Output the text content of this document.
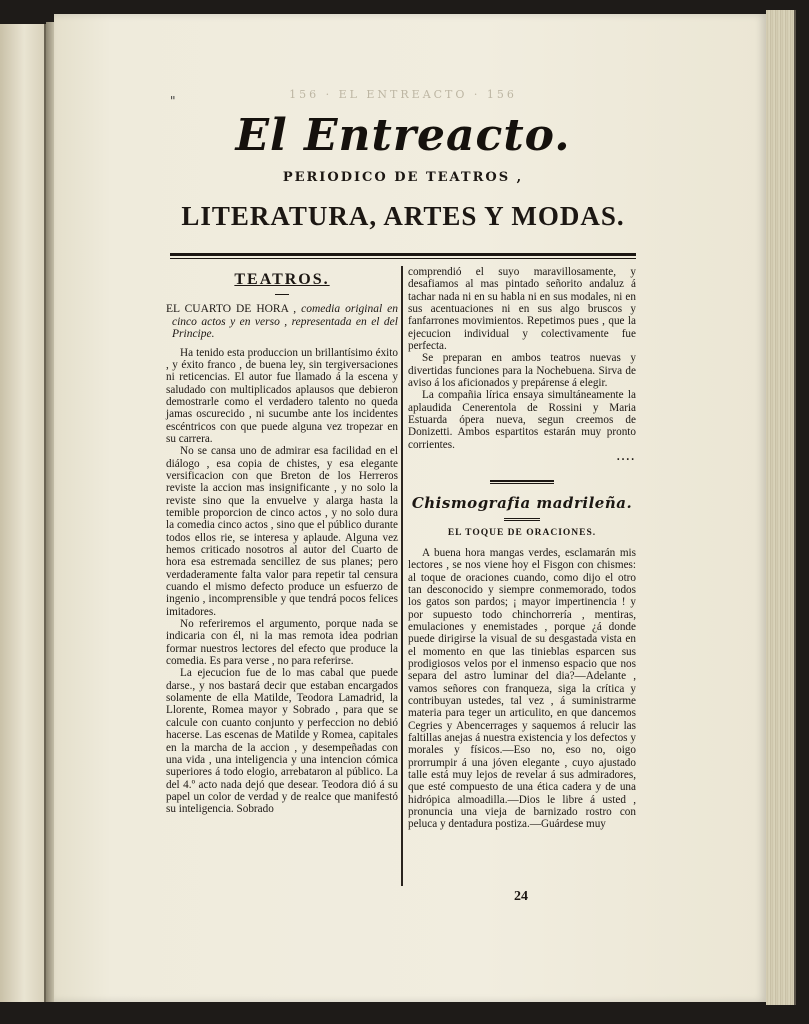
156 · EL ENTREACTO · 156
"
El Entreacto.
PERIODICO DE TEATROS ,
LITERATURA, ARTES Y MODAS.
TEATROS.
EL CUARTO DE HORA , comedia original en cinco actos y en verso , representada en el del Principe.

Ha tenido esta produccion un brillantísimo éxito , y éxito franco , de buena ley, sin tergiversaciones ni reticencias. El autor fue llamado á la escena y saludado con multiplicados aplausos que debieron demostrarle como el verdadero talento no queda jamas oscurecido , ni sucumbe ante los incidentes escéntricos con que puede alguna vez tropezar en su carrera.

No se cansa uno de admirar esa facilidad en el diálogo , esa copia de chistes, y esa elegante versificacion con que Breton de los Herreros reviste la accion mas insignificante , y no solo la reviste sino que la envuelve y alarga hasta la temible proporcion de cinco actos , y no solo dura la comedia cinco actos , sino que el público durante todos ellos rie, se interesa y aplaude. Alguna vez hemos criticado nosotros al autor del Cuarto de hora esa estremada sencillez de sus planes; pero verdaderamente falta valor para repetir tal censura cuando el mismo defecto produce un esfuerzo de ingenio , incomprensible y que tendrá pocos felices imitadores.

No referiremos el argumento, porque nada se indicaria con él, ni la mas remota idea podrian formar nuestros lectores del efecto que produce la comedia. Es para verse , no para referirse.

La ejecucion fue de lo mas cabal que puede darse., y nos bastará decir que estaban encargados solamente de ella Matilde, Teodora Lamadrid, la Llorente, Romea mayor y Sobrado , para que se calcule con cuanto conjunto y perfeccion no debió hacerse. Las escenas de Matilde y Romea, capitales en la marcha de la accion , y desempeñadas con una vida , una inteligencia y una intencion cómica superiores á todo elogio, arrebataron al público. La del 4.º acto nada dejó que desear. Teodora dió á su papel un color de verdad y de realce que manifestó su inteligencia. Sobrado

comprendió el suyo maravillosamente, y desafiamos al mas pintado señorito andaluz á tachar nada ni en su habla ni en sus modales, ni en sus acentuaciones ni en sus algo bruscos y fanfarrones movimientos. Repetimos pues , que la ejecucion individual y colectivamente fue perfecta.

Se preparan en ambos teatros nuevas y divertidas funciones para la Nochebuena. Sirva de aviso á los aficionados y prepárense á elegir.

La compañia lírica ensaya simultáneamente la aplaudida Cenerentola de Rossini y Maria Estuarda ópera nueva, segun creemos de Donizetti. Ambos espartitos estarán muy pronto corrientes.

....
Chismografia madrileña.
EL TOQUE DE ORACIONES.

A buena hora mangas verdes, esclamarán mis lectores , se nos viene hoy el Fisgon con chismes: al toque de oraciones cuando, como dijo el otro tan desconocido y siempre conmemorado, todos los gatos son pardos; ¡ mayor impertinencia ! y por supuesto todo chinchorrería , mentiras, emulaciones y enemistades , porque ¿á donde puede dirigirse la visual de su desgastada vista en el momento en que las tinieblas esparcen sus prodigiosos velos por el inmenso espacio que nos separa del astro luminar del dia?—Adelante , vamos señores con franqueza, siga la crítica y contribuyan ustedes, tal vez , á suministrarme materia para teger un articulito, en que dancemos Cegries y Abencerrages y saquemos á relucir las faltillas anejas á nuestra existencia y los defectos y morales y físicos.—Eso no, eso no, oigo prorrumpir á una jóven elegante , cuyo ajustado talle está muy lejos de revelar á sus admiradores, que esté compuesto de una ética cadera y de una hidrópica almoadilla.—Dios le libre á usted , pronuncia una vieja de barnizado rostro con peluca y dentadura postiza.—Guárdese muy

24
